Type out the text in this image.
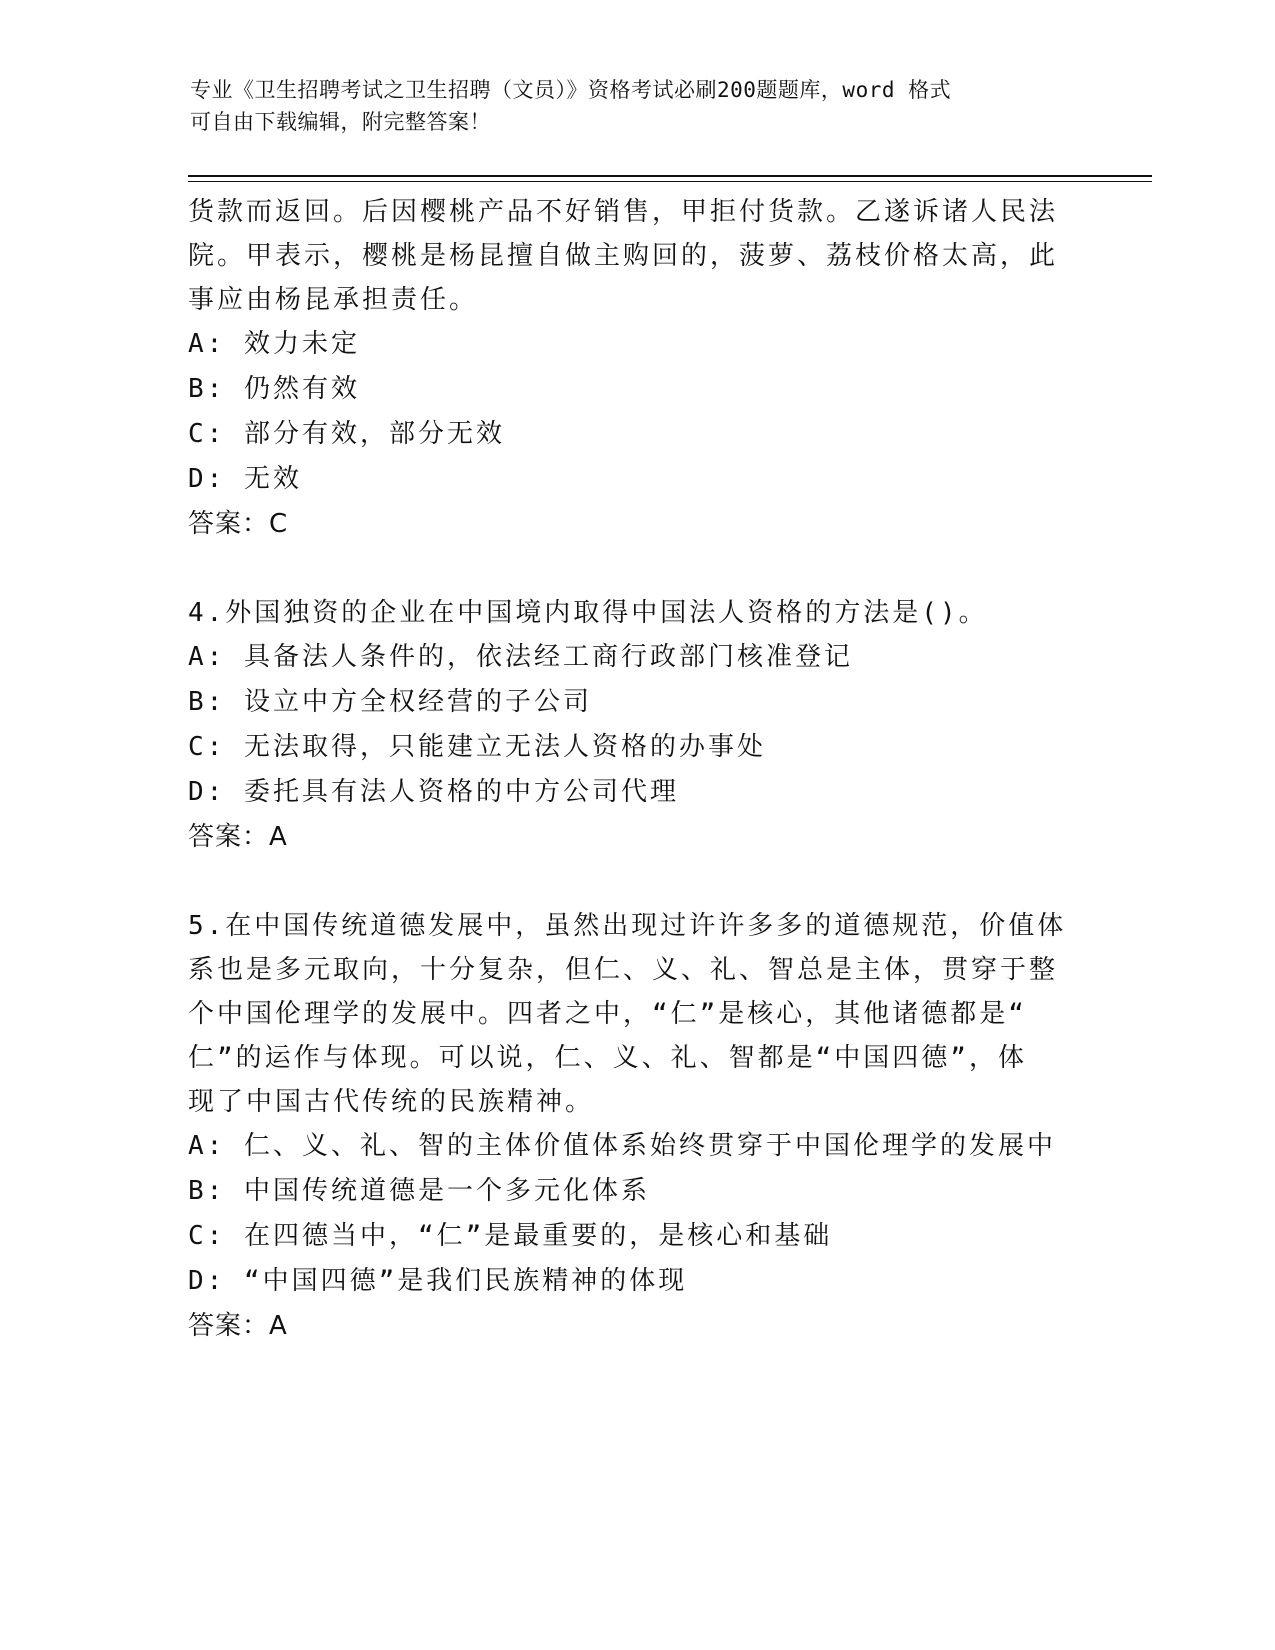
专业《卫生招聘考试之卫生招聘（文员）》资格考试必刷200题题库，word 格式
可自由下载编辑，附完整答案！
货款而返回。后因樱桃产品不好销售，甲拒付货款。乙遂诉诸人民法
院。甲表示，樱桃是杨昆擅自做主购回的，菠萝、荔枝价格太高，此
事应由杨昆承担责任。
A: 效力未定
B: 仍然有效
C: 部分有效，部分无效
D: 无效
答案：C
4.外国独资的企业在中国境内取得中国法人资格的方法是()。
A: 具备法人条件的，依法经工商行政部门核准登记
B: 设立中方全权经营的子公司
C: 无法取得，只能建立无法人资格的办事处
D: 委托具有法人资格的中方公司代理
答案：A
5.在中国传统道德发展中，虽然出现过许许多多的道德规范，价值体
系也是多元取向，十分复杂，但仁、义、礼、智总是主体，贯穿于整
个中国伦理学的发展中。四者之中，“仁”是核心，其他诸德都是“
仁”的运作与体现。可以说，仁、义、礼、智都是“中国四德”，体
现了中国古代传统的民族精神。
A: 仁、义、礼、智的主体价值体系始终贯穿于中国伦理学的发展中
B: 中国传统道德是一个多元化体系
C: 在四德当中，“仁”是最重要的，是核心和基础
D: “中国四德”是我们民族精神的体现
答案：A
